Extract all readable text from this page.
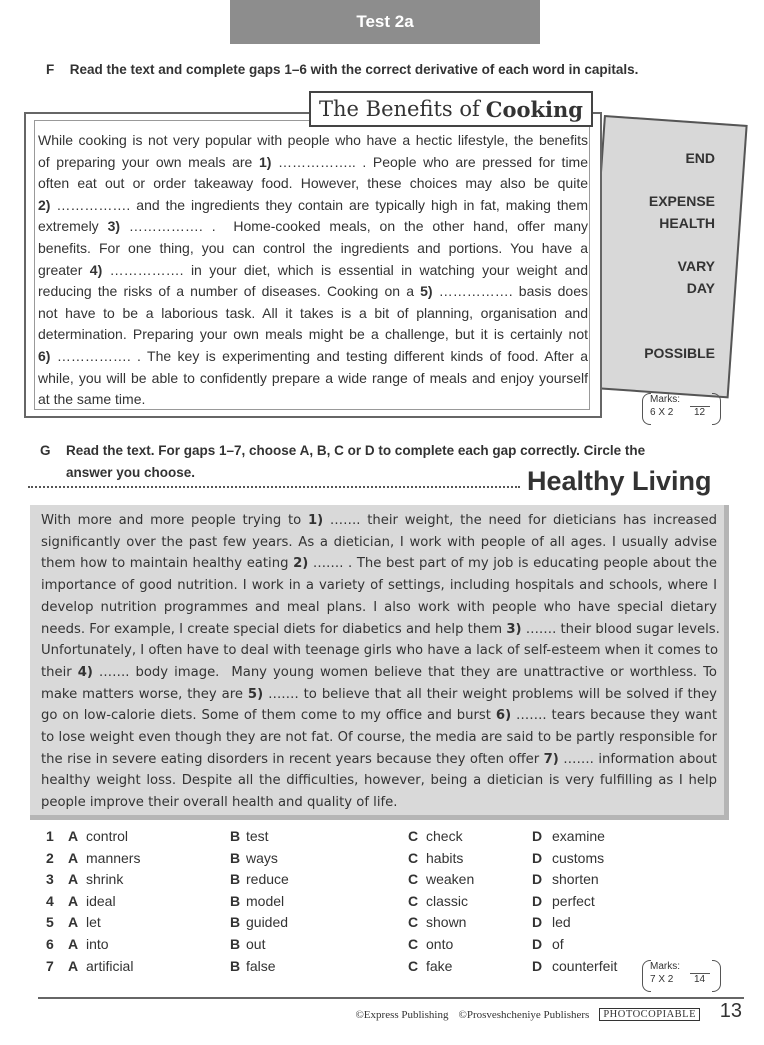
Test 2a
F Read the text and complete gaps 1–6 with the correct derivative of each word in capitals.
END
EXPENSE
HEALTH
VARY
DAY
POSSIBLE
The Benefits of Cooking
While cooking is not very popular with people who have a hectic lifestyle, the benefits
of preparing your own meals are 1) …………….. . People who are pressed for time
often eat out or order takeaway food. However, these choices may also be quite
2) ……………. and the ingredients they contain are typically high in fat, making them
extremely 3) ……………. .  Home-cooked meals, on the other hand, offer many
benefits. For one thing, you can control the ingredients and portions. You have a
greater 4) ……………. in your diet, which is essential in watching your weight and
reducing the risks of a number of diseases. Cooking on a 5) ……………. basis does
not have to be a laborious task. All it takes is a bit of planning, organisation and
determination. Preparing your own meals might be a challenge, but it is certainly not
6) ……………. . The key is experimenting and testing different kinds of food. After a
while, you will be able to confidently prepare a wide range of meals and enjoy yourself
at the same time.	Marks:
6 X 2 12
G Read the text. For gaps 1–7, choose A, B, C or D to complete each gap correctly. Circle the
answer you choose.	Healthy Living
With more and more people trying to 1) ……. their weight, the need for dieticians has increased
significantly over the past few years. As a dietician, I work with people of all ages. I usually advise
them how to maintain healthy eating 2) ……. . The best part of my job is educating people about the
importance of good nutrition. I work in a variety of settings, including hospitals and schools, where I
develop nutrition programmes and meal plans. I also work with people who have special dietary
needs. For example, I create special diets for diabetics and help them 3) ……. their blood sugar levels.
Unfortunately, I often have to deal with teenage girls who have a lack of self-esteem when it comes to
their 4) ……. body image.  Many young women believe that they are unattractive or worthless. To
make matters worse, they are 5) ……. to believe that all their weight problems will be solved if they
go on low-calorie diets. Some of them come to my office and burst 6) ……. tears because they want
to lose weight even though they are not fat. Of course, the media are said to be partly responsible for
the rise in severe eating disorders in recent years because they often offer 7) ……. information about
healthy weight loss. Despite all the difficulties, however, being a dietician is very fulfilling as I help
people improve their overall health and quality of life.
1 A control	B test	C check	D examine
2 A manners	B ways	C habits	D customs
3 A shrink	B reduce	C weaken	D shorten
4 A ideal	B model	C classic	D perfect
5 A let	B guided	C shown	D led
6 A into	B out	C onto	D of
7 A artificial	B false	C fake	D counterfeit	Marks:
7 X 2 14
©Express Publishing ©Prosveshcheniye Publishers	PHOTOCOPIABLE 13
